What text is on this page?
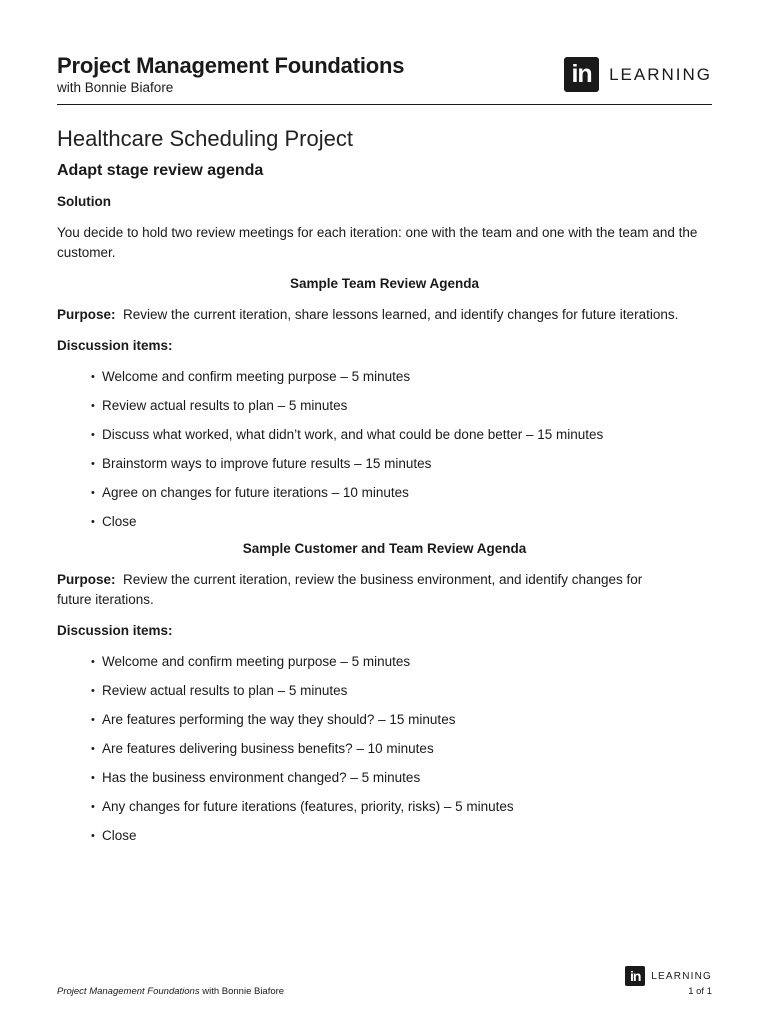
Project Management Foundations
with Bonnie Biafore	in	LEARNING
Healthcare Scheduling Project
Adapt stage review agenda
Solution

You decide to hold two review meetings for each iteration: one with the team and one with the team and the customer.

Sample Team Review Agenda

Purpose: Review the current iteration, share lessons learned, and identify changes for future iterations.

Discussion items:

• Welcome and confirm meeting purpose – 5 minutes
• Review actual results to plan – 5 minutes
• Discuss what worked, what didn’t work, and what could be done better – 15 minutes
• Brainstorm ways to improve future results – 15 minutes
• Agree on changes for future iterations – 10 minutes
• Close
Sample Customer and Team Review Agenda

Purpose: Review the current iteration, review the business environment, and identify changes for future iterations.

Discussion items:

• Welcome and confirm meeting purpose – 5 minutes
• Review actual results to plan – 5 minutes
• Are features performing the way they should? – 15 minutes
• Are features delivering business benefits? – 10 minutes
• Has the business environment changed? – 5 minutes
• Any changes for future iterations (features, priority, risks) – 5 minutes
• Close
Project Management Foundations with Bonnie Biafore
in	LEARNING
1 of 1
